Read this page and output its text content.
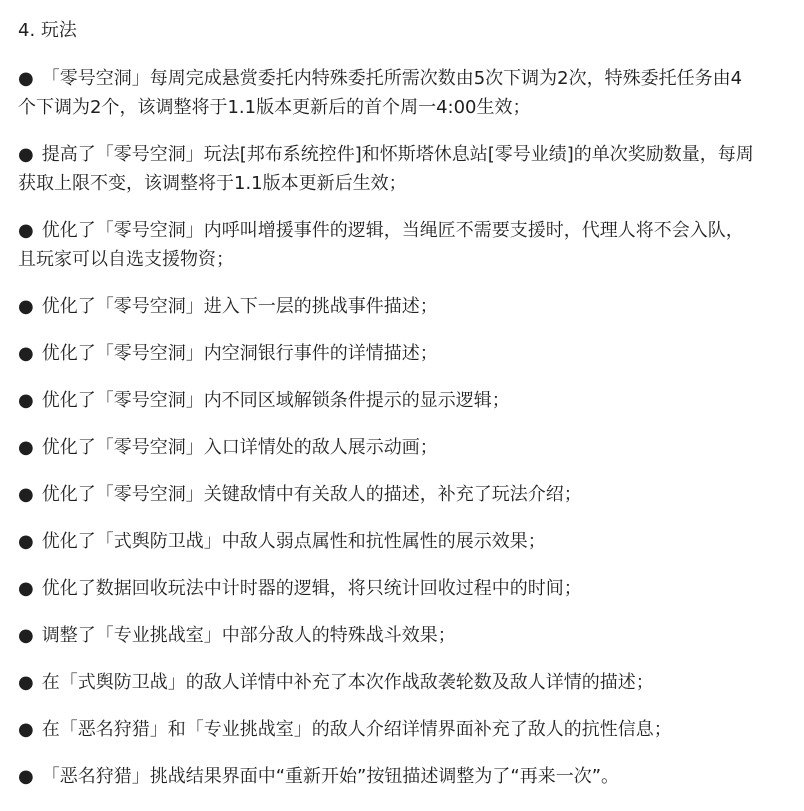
4. 玩法
● 「零号空洞」每周完成悬赏委托内特殊委托所需次数由5次下调为2次，特殊委托任务由4个下调为2个，该调整将于1.1版本更新后的首个周一4:00生效；
● 提高了「零号空洞」玩法[邦布系统控件]和怀斯塔休息站[零号业绩]的单次奖励数量，每周获取上限不变，该调整将于1.1版本更新后生效；
● 优化了「零号空洞」内呼叫增援事件的逻辑，当绳匠不需要支援时，代理人将不会入队，且玩家可以自选支援物资；
● 优化了「零号空洞」进入下一层的挑战事件描述；
● 优化了「零号空洞」内空洞银行事件的详情描述；
● 优化了「零号空洞」内不同区域解锁条件提示的显示逻辑；
● 优化了「零号空洞」入口详情处的敌人展示动画；
● 优化了「零号空洞」关键敌情中有关敌人的描述，补充了玩法介绍；
● 优化了「式舆防卫战」中敌人弱点属性和抗性属性的展示效果；
● 优化了数据回收玩法中计时器的逻辑，将只统计回收过程中的时间；
● 调整了「专业挑战室」中部分敌人的特殊战斗效果；
● 在「式舆防卫战」的敌人详情中补充了本次作战敌袭轮数及敌人详情的描述；
● 在「恶名狩猎」和「专业挑战室」的敌人介绍详情界面补充了敌人的抗性信息；
● 「恶名狩猎」挑战结果界面中“重新开始”按钮描述调整为了“再来一次”。
